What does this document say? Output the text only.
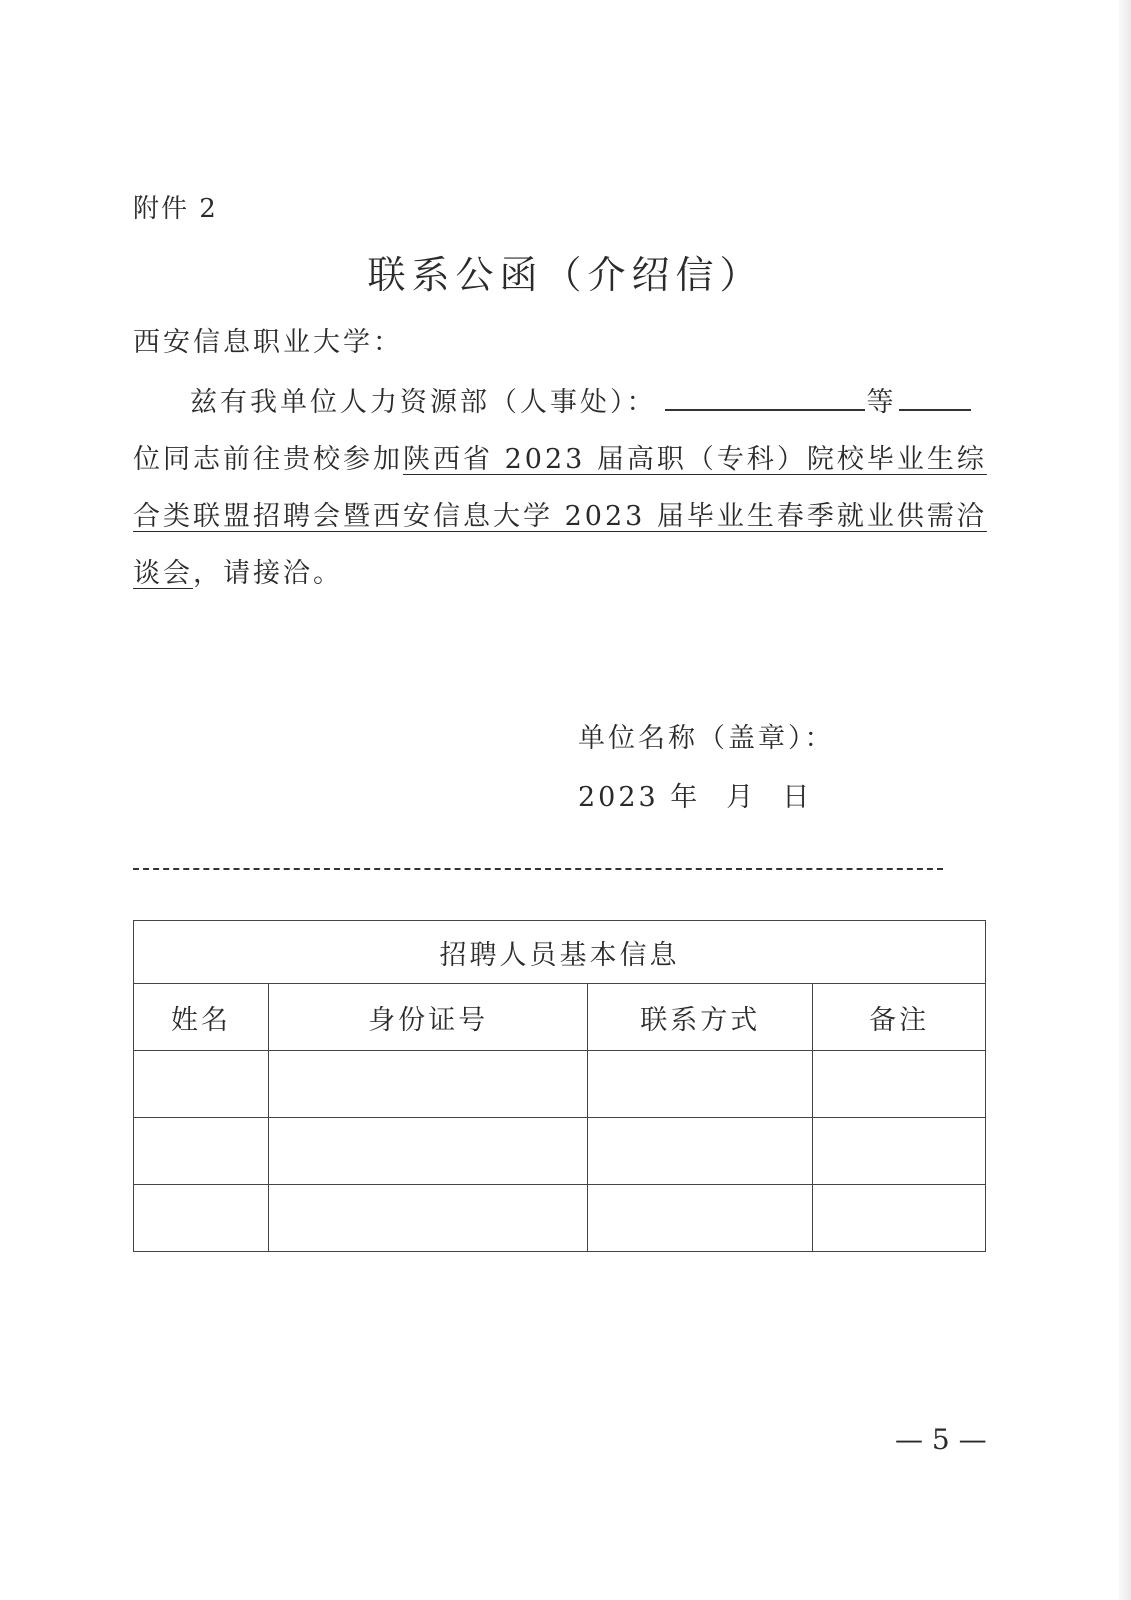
附件 2
联系公函（介绍信）
西安信息职业大学：
兹有我单位人力资源部（人事处）：	等
位同志前往贵校参加陕西省 2023 届高职（专科）院校毕业生综
合类联盟招聘会暨西安信息大学 2023 届毕业生春季就业供需洽
谈会，请接洽。
单位名称（盖章）：
2023 年 月 日
招聘人员基本信息			
姓名	身份证号	联系方式	备注

— 5 —
